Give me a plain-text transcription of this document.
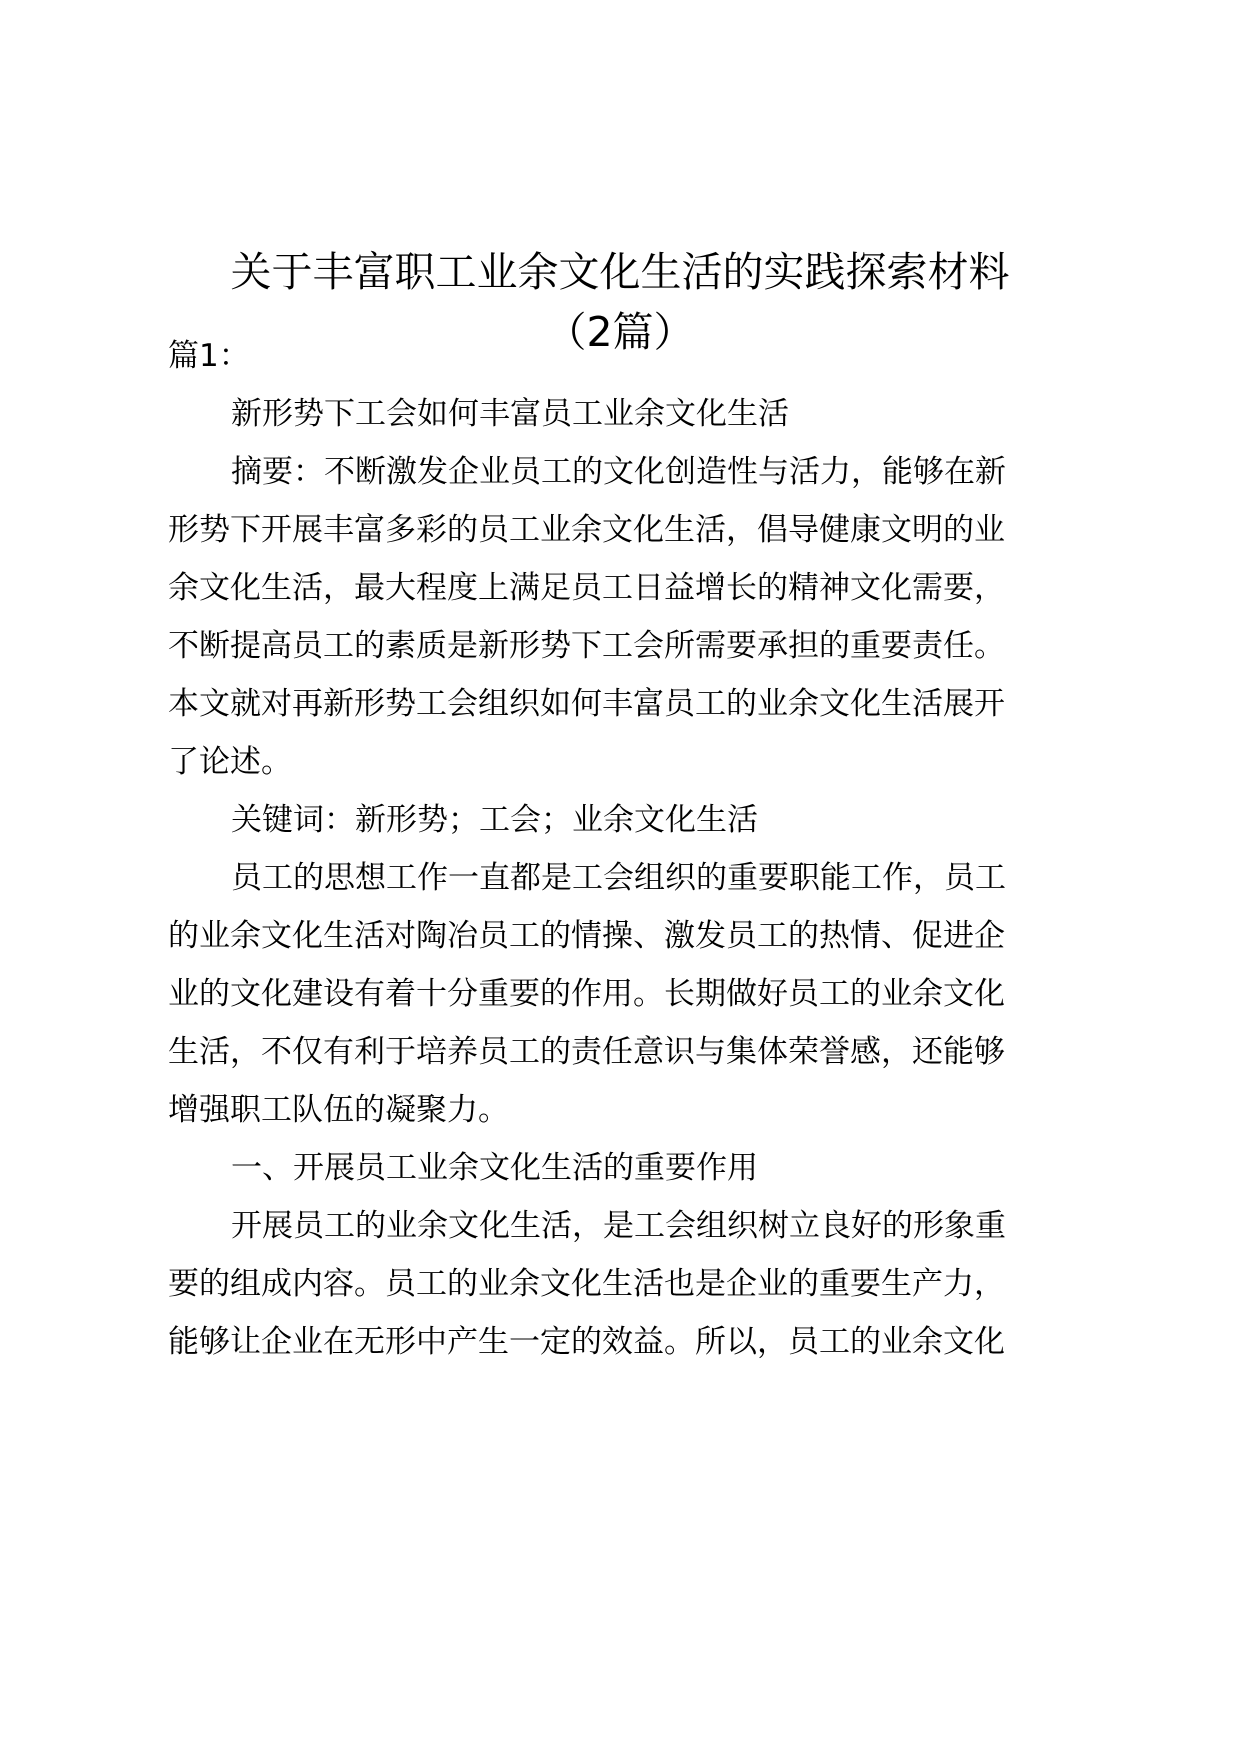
关于丰富职工业余文化生活的实践探索材料
（2篇）
篇1：
新形势下工会如何丰富员工业余文化生活
摘要：不断激发企业员工的文化创造性与活力，能够在新
形势下开展丰富多彩的员工业余文化生活，倡导健康文明的业
余文化生活，最大程度上满足员工日益增长的精神文化需要，
不断提高员工的素质是新形势下工会所需要承担的重要责任。
本文就对再新形势工会组织如何丰富员工的业余文化生活展开
了论述。
关键词：新形势；工会；业余文化生活
员工的思想工作一直都是工会组织的重要职能工作，员工
的业余文化生活对陶冶员工的情操、激发员工的热情、促进企
业的文化建设有着十分重要的作用。长期做好员工的业余文化
生活，不仅有利于培养员工的责任意识与集体荣誉感，还能够
增强职工队伍的凝聚力。
一、开展员工业余文化生活的重要作用
开展员工的业余文化生活，是工会组织树立良好的形象重
要的组成内容。员工的业余文化生活也是企业的重要生产力，
能够让企业在无形中产生一定的效益。所以，员工的业余文化
